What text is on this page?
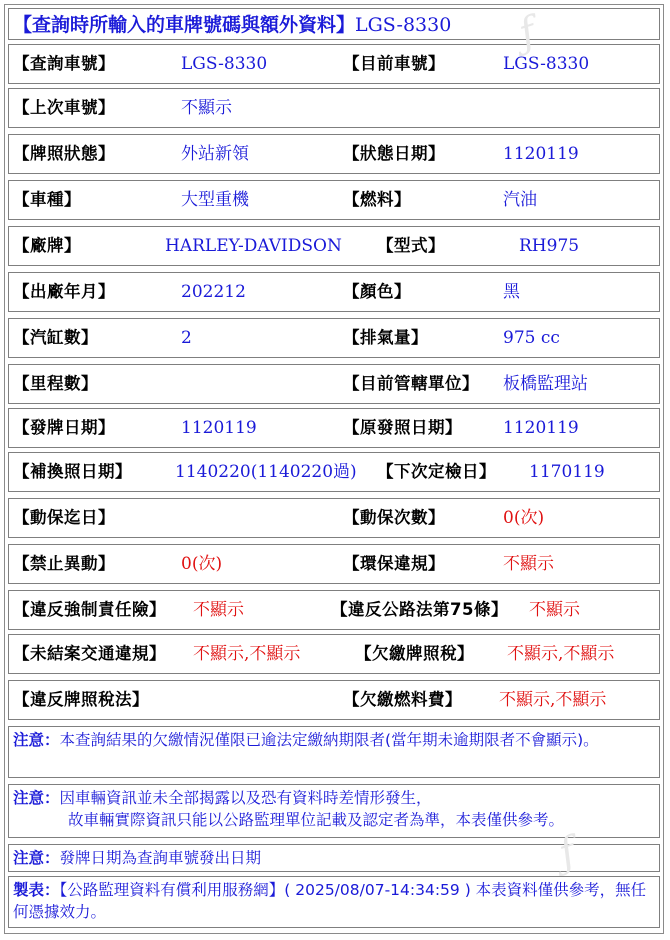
【查詢時所輸入的車牌號碼與額外資料】LGS-8330
【查詢車號】	LGS-8330	【目前車號】	LGS-8330
【上次車號】	不顯示
【牌照狀態】	外站新領	【狀態日期】	1120119
【車種】	大型重機	【燃料】	汽油
【廠牌】	HARLEY-DAVIDSON 【型式】	RH975
【出廠年月】	202212	【顏色】	黑
【汽缸數】	2	【排氣量】	975 cc
【里程數】	【目前管轄單位】 板橋監理站
【發牌日期】	1120119	【原發照日期】 1120119
【補換照日期】	1140220(1140220過) 【下次定檢日】 1170119
【動保迄日】	【動保次數】	0(次)
【禁止異動】	0(次)	【環保違規】	不顯示
【違反強制責任險】 不顯示	【違反公路法第75條】 不顯示
【未結案交通違規】 不顯示,不顯示	【欠繳牌照稅】 不顯示,不顯示
【違反牌照稅法】	【欠繳燃料費】 不顯示,不顯示
注意：本查詢結果的欠繳情況僅限已逾法定繳納期限者(當年期未逾期限者不會顯示)。
注意：因車輛資訊並未全部揭露以及恐有資料時差情形發生，
故車輛實際資訊只能以公路監理單位記載及認定者為準，本表僅供參考。
注意：發牌日期為查詢車號發出日期
製表：【公路監理資料有償利用服務網】( 2025/08/07-14:34:59 ) 本表資料僅供參考，無任何憑據效力。
ƒ
ƒ
